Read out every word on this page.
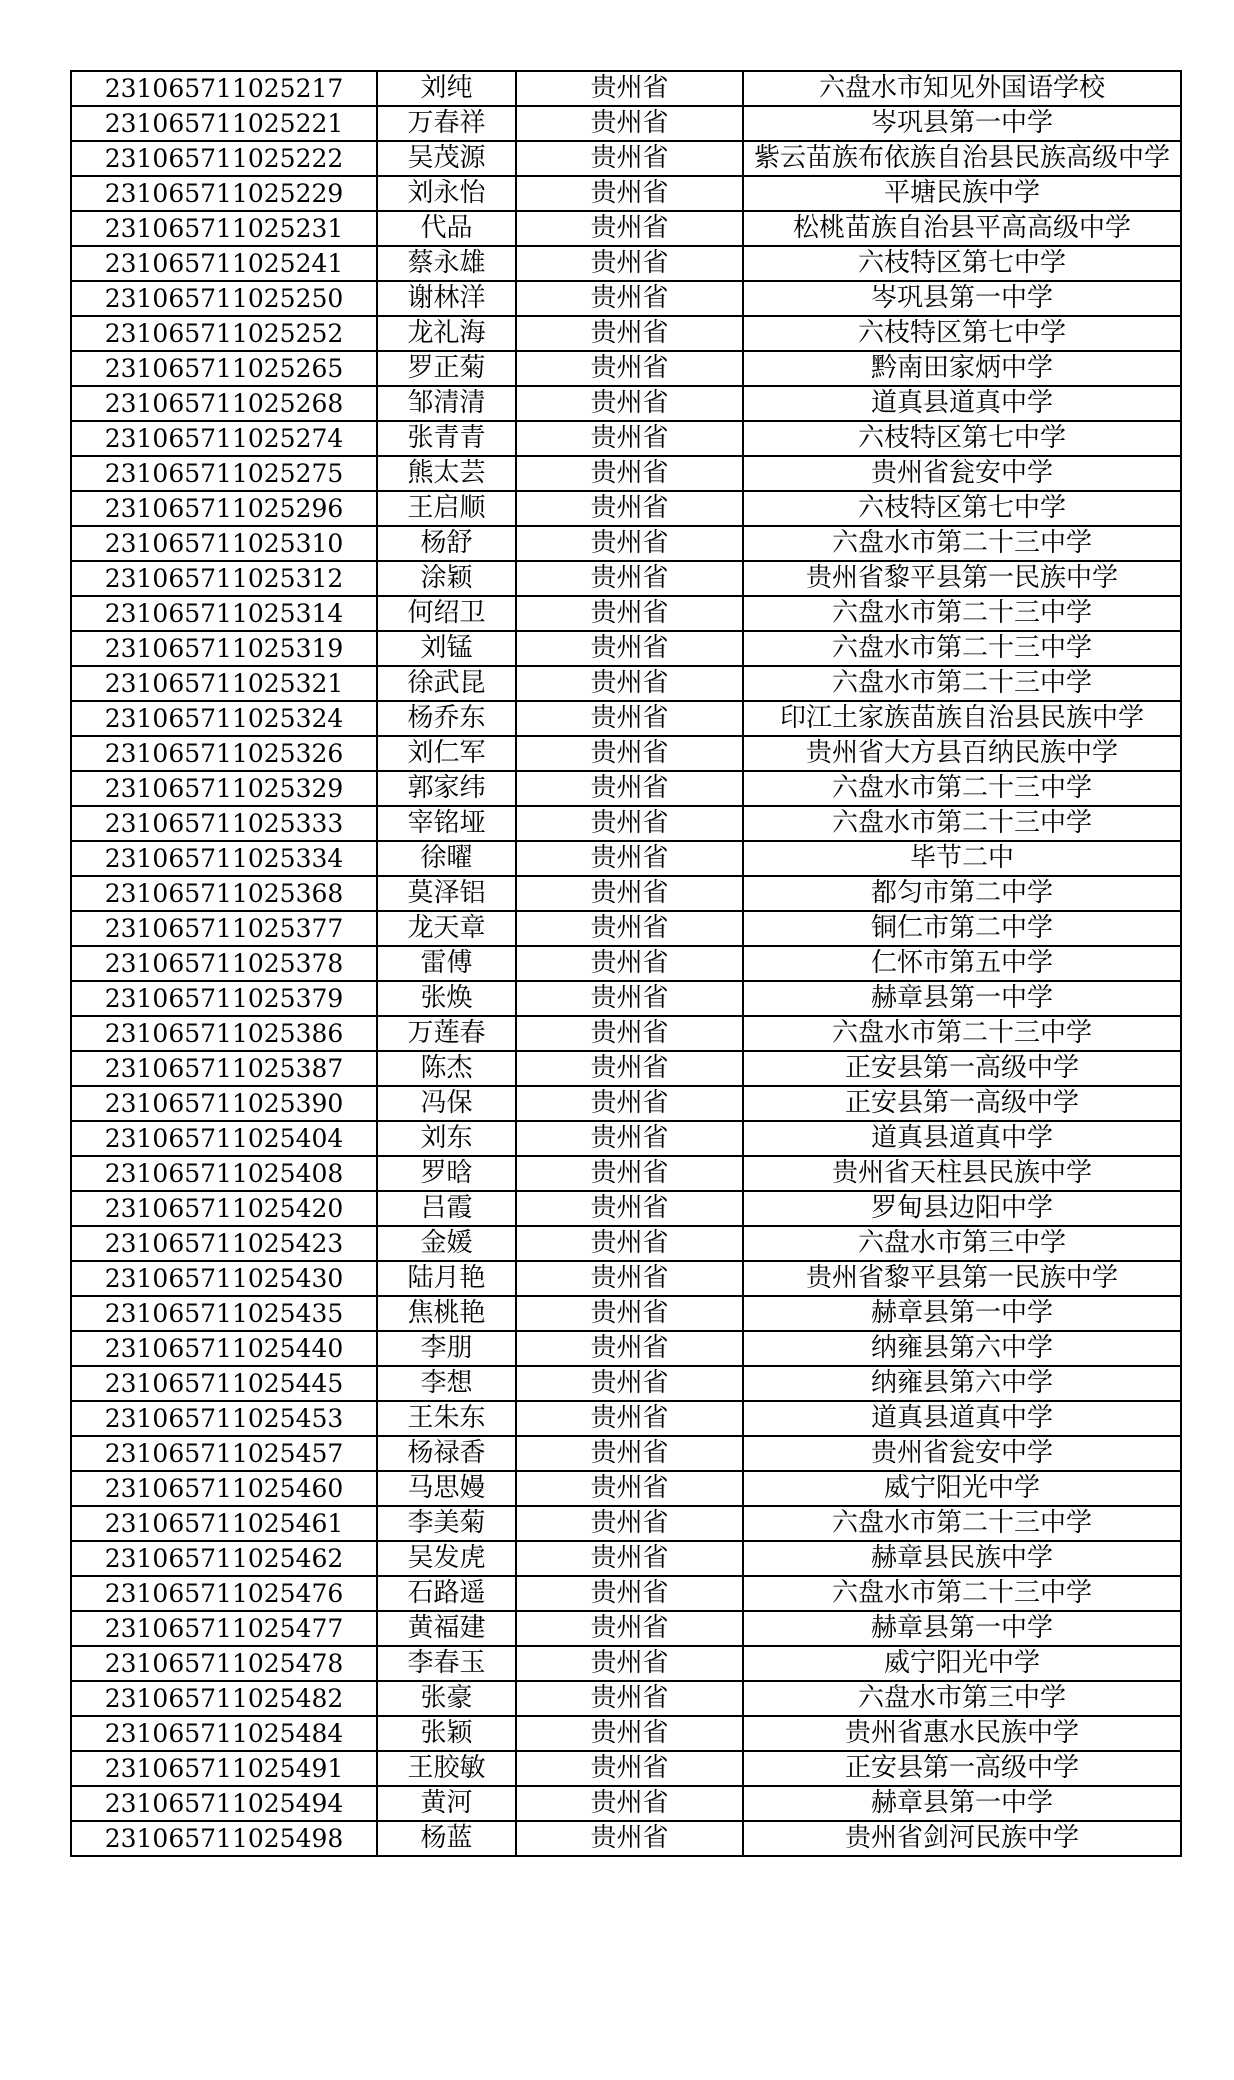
231065711025217	刘纯	贵州省	六盘水市知见外国语学校
231065711025221	万春祥	贵州省	岑巩县第一中学
231065711025222	吴茂源	贵州省	紫云苗族布依族自治县民族高级中学
231065711025229	刘永怡	贵州省	平塘民族中学
231065711025231	代品	贵州省	松桃苗族自治县平高高级中学
231065711025241	蔡永雄	贵州省	六枝特区第七中学
231065711025250	谢林洋	贵州省	岑巩县第一中学
231065711025252	龙礼海	贵州省	六枝特区第七中学
231065711025265	罗正菊	贵州省	黔南田家炳中学
231065711025268	邹清清	贵州省	道真县道真中学
231065711025274	张青青	贵州省	六枝特区第七中学
231065711025275	熊太芸	贵州省	贵州省瓮安中学
231065711025296	王启顺	贵州省	六枝特区第七中学
231065711025310	杨舒	贵州省	六盘水市第二十三中学
231065711025312	涂颖	贵州省	贵州省黎平县第一民族中学
231065711025314	何绍卫	贵州省	六盘水市第二十三中学
231065711025319	刘锰	贵州省	六盘水市第二十三中学
231065711025321	徐武昆	贵州省	六盘水市第二十三中学
231065711025324	杨乔东	贵州省	印江土家族苗族自治县民族中学
231065711025326	刘仁军	贵州省	贵州省大方县百纳民族中学
231065711025329	郭家纬	贵州省	六盘水市第二十三中学
231065711025333	宰铭垭	贵州省	六盘水市第二十三中学
231065711025334	徐曜	贵州省	毕节二中
231065711025368	莫泽铝	贵州省	都匀市第二中学
231065711025377	龙天章	贵州省	铜仁市第二中学
231065711025378	雷傅	贵州省	仁怀市第五中学
231065711025379	张焕	贵州省	赫章县第一中学
231065711025386	万莲春	贵州省	六盘水市第二十三中学
231065711025387	陈杰	贵州省	正安县第一高级中学
231065711025390	冯保	贵州省	正安县第一高级中学
231065711025404	刘东	贵州省	道真县道真中学
231065711025408	罗晗	贵州省	贵州省天柱县民族中学
231065711025420	吕霞	贵州省	罗甸县边阳中学
231065711025423	金媛	贵州省	六盘水市第三中学
231065711025430	陆月艳	贵州省	贵州省黎平县第一民族中学
231065711025435	焦桃艳	贵州省	赫章县第一中学
231065711025440	李朋	贵州省	纳雍县第六中学
231065711025445	李想	贵州省	纳雍县第六中学
231065711025453	王朱东	贵州省	道真县道真中学
231065711025457	杨禄香	贵州省	贵州省瓮安中学
231065711025460	马思嫚	贵州省	威宁阳光中学
231065711025461	李美菊	贵州省	六盘水市第二十三中学
231065711025462	吴发虎	贵州省	赫章县民族中学
231065711025476	石路遥	贵州省	六盘水市第二十三中学
231065711025477	黄福建	贵州省	赫章县第一中学
231065711025478	李春玉	贵州省	威宁阳光中学
231065711025482	张豪	贵州省	六盘水市第三中学
231065711025484	张颖	贵州省	贵州省惠水民族中学
231065711025491	王胶敏	贵州省	正安县第一高级中学
231065711025494	黄河	贵州省	赫章县第一中学
231065711025498	杨蓝	贵州省	贵州省剑河民族中学
